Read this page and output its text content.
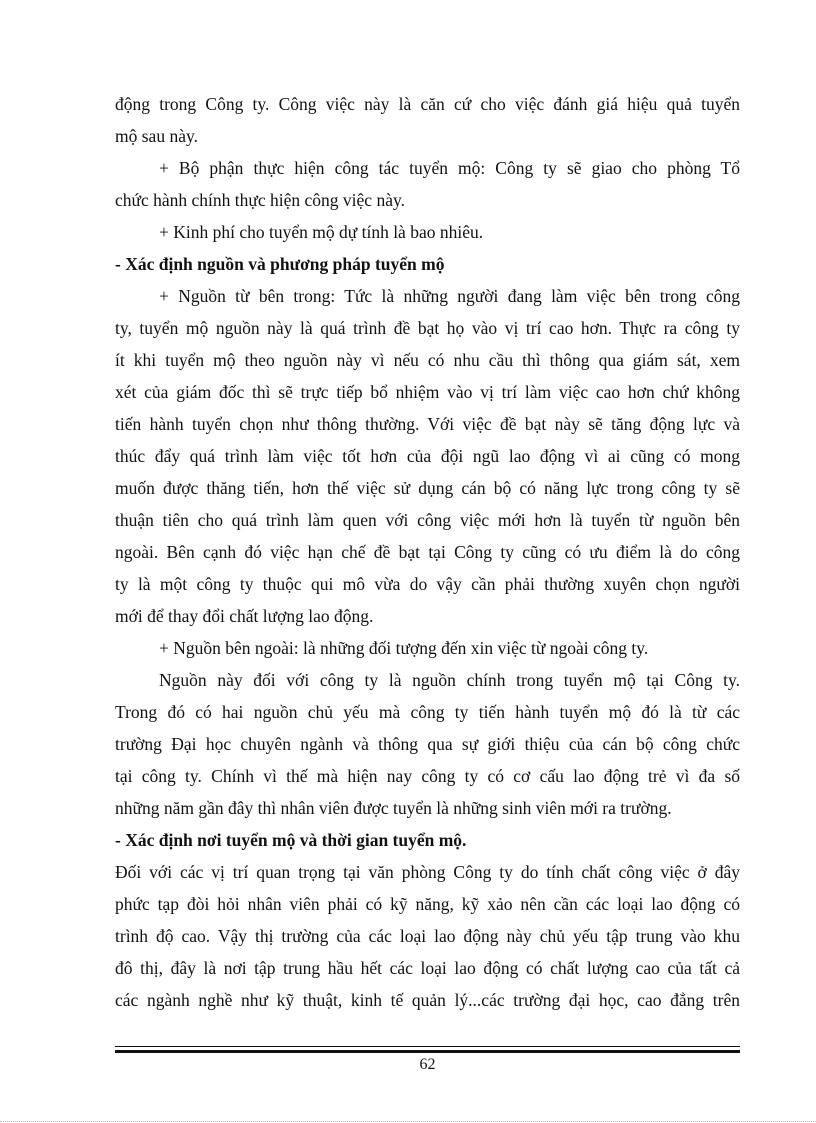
động trong Công ty. Công việc này là căn cứ cho việc đánh giá hiệu quả tuyển
mộ sau này.
+ Bộ phận thực hiện công tác tuyển mộ: Công ty sẽ giao cho phòng Tổ
chức hành chính thực hiện công việc này.
+ Kinh phí cho tuyển mộ dự tính là bao nhiêu.
- Xác định nguồn và phương pháp tuyển mộ
+ Nguồn từ bên trong: Tức là những người đang làm việc bên trong công
ty, tuyển mộ nguồn này là quá trình đề bạt họ vào vị trí cao hơn. Thực ra công ty
ít khi tuyển mộ theo nguồn này vì nếu có nhu cầu thì thông qua giám sát, xem
xét của giám đốc thì sẽ trực tiếp bổ nhiệm vào vị trí làm việc cao hơn chứ không
tiến hành tuyển chọn như thông thường. Với việc đề bạt này sẽ tăng động lực và
thúc đẩy quá trình làm việc tốt hơn của đội ngũ lao động vì ai cũng có mong
muốn được thăng tiến, hơn thế việc sử dụng cán bộ có năng lực trong công ty sẽ
thuận tiên cho quá trình làm quen với công việc mới hơn là tuyển từ nguồn bên
ngoài. Bên cạnh đó việc hạn chế đề bạt tại Công ty cũng có ưu điểm là do công
ty là một công ty thuộc qui mô vừa do vậy cần phải thường xuyên chọn người
mới để thay đổi chất lượng lao động.
+ Nguồn bên ngoài: là những đối tượng đến xin việc từ ngoài công ty.
Nguồn này đối với công ty là nguồn chính trong tuyển mộ tại Công ty.
Trong đó có hai nguồn chủ yếu mà công ty tiến hành tuyển mộ đó là từ các
trường Đại học chuyên ngành và thông qua sự giới thiệu của cán bộ công chức
tại công ty. Chính vì thế mà hiện nay công ty có cơ cấu lao động trẻ vì đa số
những năm gần đây thì nhân viên được tuyển là những sinh viên mới ra trường.
- Xác định nơi tuyển mộ và thời gian tuyển mộ.
Đối với các vị trí quan trọng tại văn phòng Công ty do tính chất công việc ở đây
phức tạp đòi hỏi nhân viên phải có kỹ năng, kỹ xảo nên cần các loại lao động có
trình độ cao. Vậy thị trường của các loại lao động này chủ yếu tập trung vào khu
đô thị, đây là nơi tập trung hầu hết các loại lao động có chất lượng cao của tất cả
các ngành nghề như kỹ thuật, kinh tế quản lý...các trường đại học, cao đẳng trên
62
